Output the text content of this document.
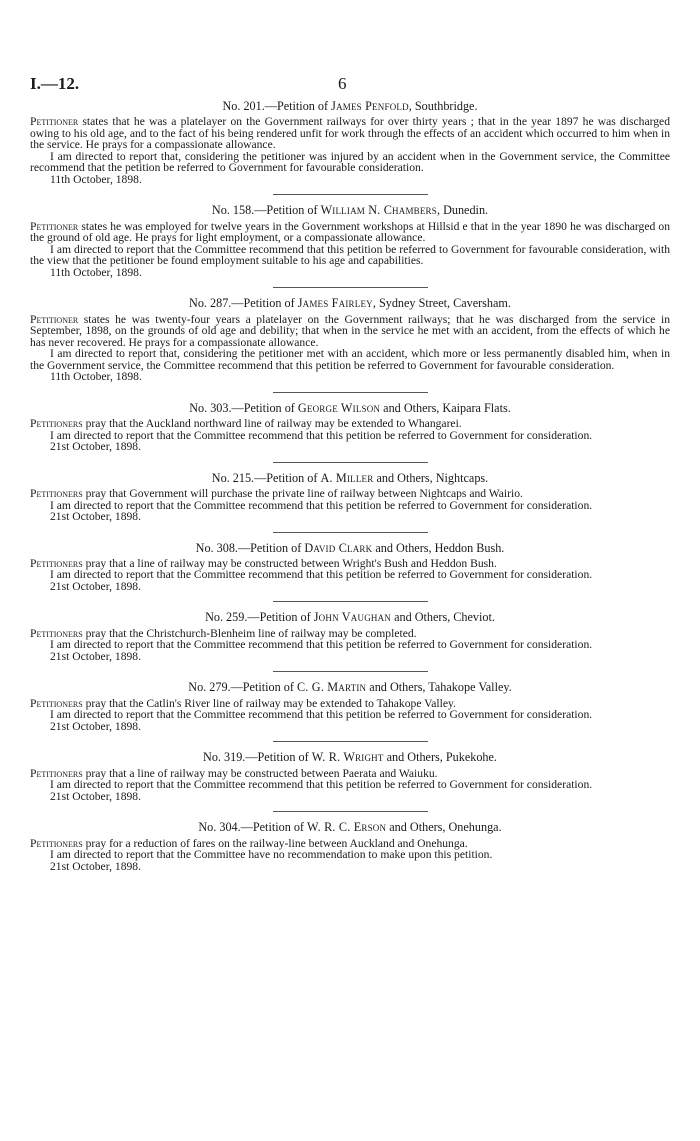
I.—12.	6
No. 201.—Petition of James Penfold, Southbridge.

Petitioner states that he was a platelayer on the Government railways for over thirty years ; that in the year 1897 he was discharged owing to his old age, and to the fact of his being rendered unfit for work through the effects of an accident which occurred to him when in the service. He prays for a compassionate allowance.

I am directed to report that, considering the petitioner was injured by an accident when in the Government service, the Committee recommend that the petition be referred to Government for favourable consideration.

11th October, 1898.
No. 158.—Petition of William N. Chambers, Dunedin.

Petitioner states he was employed for twelve years in the Government workshops at Hillsid e that in the year 1890 he was discharged on the ground of old age. He prays for light employment, or a compassionate allowance.

I am directed to report that the Committee recommend that this petition be referred to Government for favourable consideration, with the view that the petitioner be found employment suitable to his age and capabilities.

11th October, 1898.
No. 287.—Petition of James Fairley, Sydney Street, Caversham.

Petitioner states he was twenty-four years a platelayer on the Government railways; that he was discharged from the service in September, 1898, on the grounds of old age and debility; that when in the service he met with an accident, from the effects of which he has never recovered. He prays for a compassionate allowance.

I am directed to report that, considering the petitioner met with an accident, which more or less permanently disabled him, when in the Government service, the Committee recommend that this petition be referred to Government for favourable consideration.

11th October, 1898.
No. 303.—Petition of George Wilson and Others, Kaipara Flats.

Petitioners pray that the Auckland northward line of railway may be extended to Whangarei.

I am directed to report that the Committee recommend that this petition be referred to Government for consideration.

21st October, 1898.
No. 215.—Petition of A. Miller and Others, Nightcaps.

Petitioners pray that Government will purchase the private line of railway between Nightcaps and Wairio.

I am directed to report that the Committee recommend that this petition be referred to Government for consideration.

21st October, 1898.
No. 308.—Petition of David Clark and Others, Heddon Bush.

Petitioners pray that a line of railway may be constructed between Wright's Bush and Heddon Bush.

I am directed to report that the Committee recommend that this petition be referred to Government for consideration.

21st October, 1898.
No. 259.—Petition of John Vaughan and Others, Cheviot.

Petitioners pray that the Christchurch-Blenheim line of railway may be completed.

I am directed to report that the Committee recommend that this petition be referred to Government for consideration.

21st October, 1898.
No. 279.—Petition of C. G. Martin and Others, Tahakope Valley.

Petitioners pray that the Catlin's River line of railway may be extended to Tahakope Valley.

I am directed to report that the Committee recommend that this petition be referred to Government for consideration.

21st October, 1898.
No. 319.—Petition of W. R. Wright and Others, Pukekohe.

Petitioners pray that a line of railway may be constructed between Paerata and Waiuku.

I am directed to report that the Committee recommend that this petition be referred to Government for consideration.

21st October, 1898.
No. 304.—Petition of W. R. C. Erson and Others, Onehunga.

Petitioners pray for a reduction of fares on the railway-line between Auckland and Onehunga.

I am directed to report that the Committee have no recommendation to make upon this petition.

21st October, 1898.
